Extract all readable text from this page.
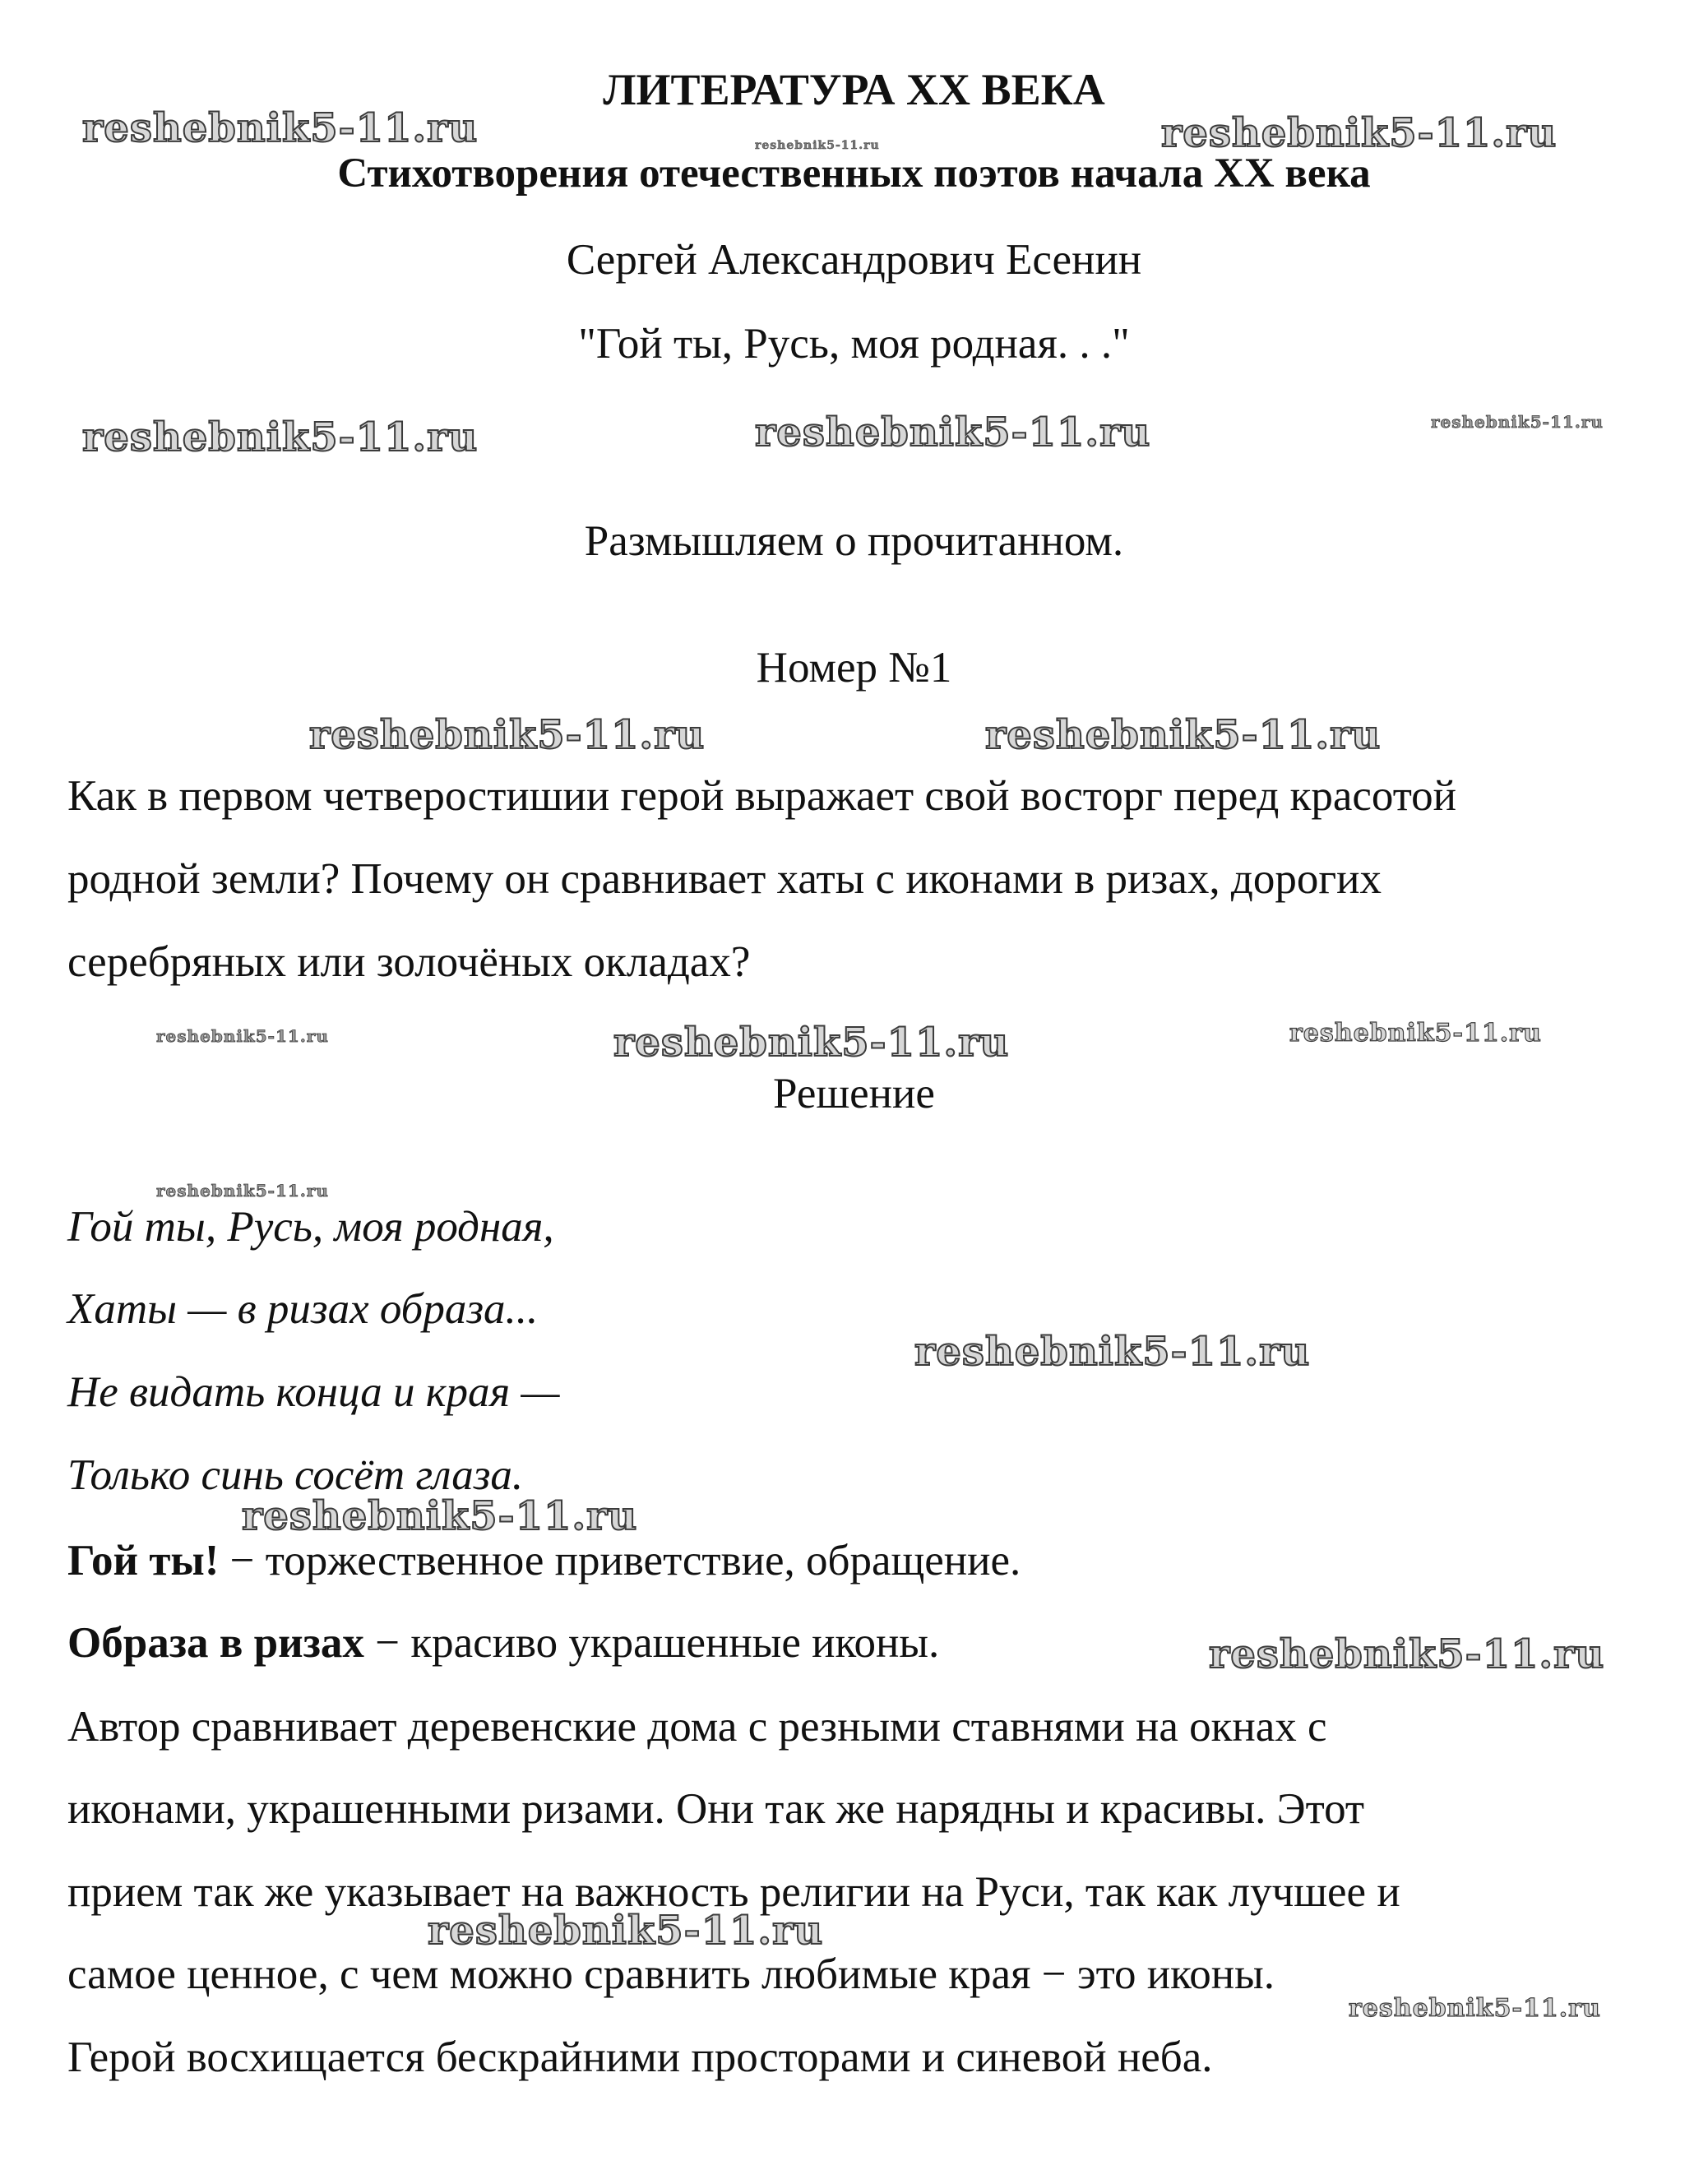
ЛИТЕРАТУРА XX ВЕКА
Стихотворения отечественных поэтов начала XX века
Сергей Александрович Есенин
"Гой ты, Русь, моя родная. . ."
Размышляем о прочитанном.
Номер №1
Как в первом четверостишии герой выражает свой восторг перед красотой
родной земли? Почему он сравнивает хаты с иконами в ризах, дорогих
серебряных или золочёных окладах?
Решение
Гой ты, Русь, моя родная,
Хаты — в ризах образа...
Не видать конца и края —
Только синь сосёт глаза.
Гой ты! − торжественное приветствие, обращение.
Образа в ризах − красиво украшенные иконы.
Автор сравнивает деревенские дома с резными ставнями на окнах с
иконами, украшенными ризами. Они так же нарядны и красивы. Этот
прием так же указывает на важность религии на Руси, так как лучшее и
самое ценное, с чем можно сравнить любимые края − это иконы.
Герой восхищается бескрайними просторами и синевой неба.
reshebnik5-11.ru	reshebnik5-11.ru	reshebnik5-11.ru
reshebnik5-11.ru	reshebnik5-11.ru	reshebnik5-11.ru
reshebnik5-11.ru	reshebnik5-11.ru
reshebnik5-11.ru	reshebnik5-11.ru	reshebnik5-11.ru
reshebnik5-11.ru
reshebnik5-11.ru
reshebnik5-11.ru
reshebnik5-11.ru
reshebnik5-11.ru
reshebnik5-11.ru
